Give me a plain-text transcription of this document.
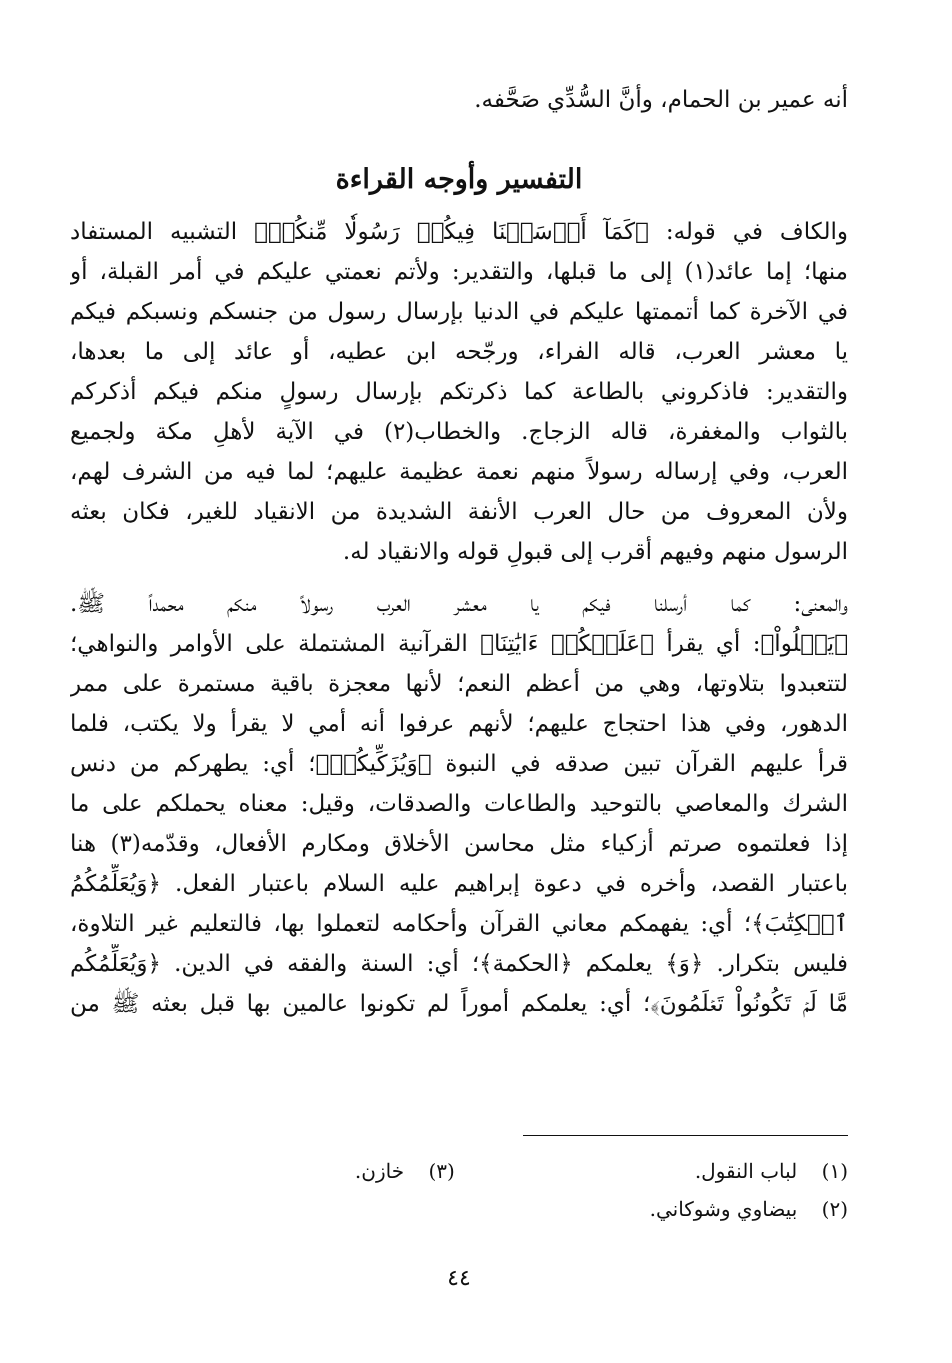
أنه عمير بن الحمام، وأنَّ السُّدِّي صَحَّفه.
التفسير وأوجه القراءة
والكاف في قوله: ﴿كَمَآ أَرۡسَلۡنَا فِيكُمۡ رَسُولٗا مِّنكُمۡ﴾ التشبيه المستفاد
منها؛ إما عائد(١) إلى ما قبلها، والتقدير: ولأتم نعمتي عليكم في أمر القبلة، أو
في الآخرة كما أتممتها عليكم في الدنيا بإرسال رسول من جنسكم ونسبكم فيكم
يا معشر العرب، قاله الفراء، ورجّحه ابن عطيه، أو عائد إلى ما بعدها،
والتقدير: فاذكروني بالطاعة كما ذكرتكم بإرسال رسولٍ منكم فيكم أذكركم
بالثواب والمغفرة، قاله الزجاج. والخطاب(٢) في الآية لأهلِ مكة ولجميع
العرب، وفي إرساله رسولاً منهم نعمة عظيمة عليهم؛ لما فيه من الشرف لهم،
ولأن المعروف من حال العرب الأنفة الشديدة من الانقياد للغير، فكان بعثه
الرسول منهم وفيهم أقرب إلى قبولِ قوله والانقياد له.
والمعنى: كما أرسلنا فيكم يا معشر العرب رسولاً منكم محمداً ﷺ.
﴿يَتۡلُواْ﴾: أي يقرأ ﴿عَلَيۡكُمۡ ءَايَٰتِنَا﴾ القرآنية المشتملة على الأوامر والنواهي؛
لتتعبدوا بتلاوتها، وهي من أعظم النعم؛ لأنها معجزة باقية مستمرة على ممر
الدهور، وفي هذا احتجاج عليهم؛ لأنهم عرفوا أنه أمي لا يقرأ ولا يكتب، فلما
قرأ عليهم القرآن تبين صدقه في النبوة ﴿وَيُزَكِّيكُمۡ﴾؛ أي: يطهركم من دنس
الشرك والمعاصي بالتوحيد والطاعات والصدقات، وقيل: معناه يحملكم على ما
إذا فعلتموه صرتم أزكياء مثل محاسن الأخلاق ومكارم الأفعال، وقدّمه(٣) هنا
باعتبار القصد، وأخره في دعوة إبراهيم عليه السلام باعتبار الفعل. ﴿وَيُعَلِّمُكُمُ
ٱلۡكِتَٰبَ﴾؛ أي: يفهمكم معاني القرآن وأحكامه لتعملوا بها، فالتعليم غير التلاوة،
فليس بتكرار. ﴿وَ﴾ يعلمكم ﴿الحكمة﴾؛ أي: السنة والفقه في الدين. ﴿وَيُعَلِّمُكُم
مَّا لَمۡ تَكُونُواْ تَعۡلَمُونَ﴾؛ أي: يعلمكم أموراً لم تكونوا عالمين بها قبل بعثه ﷺ من
(١) لباب النقول.
(٣) خازن.
(٢) بيضاوي وشوكاني.
٤٤
